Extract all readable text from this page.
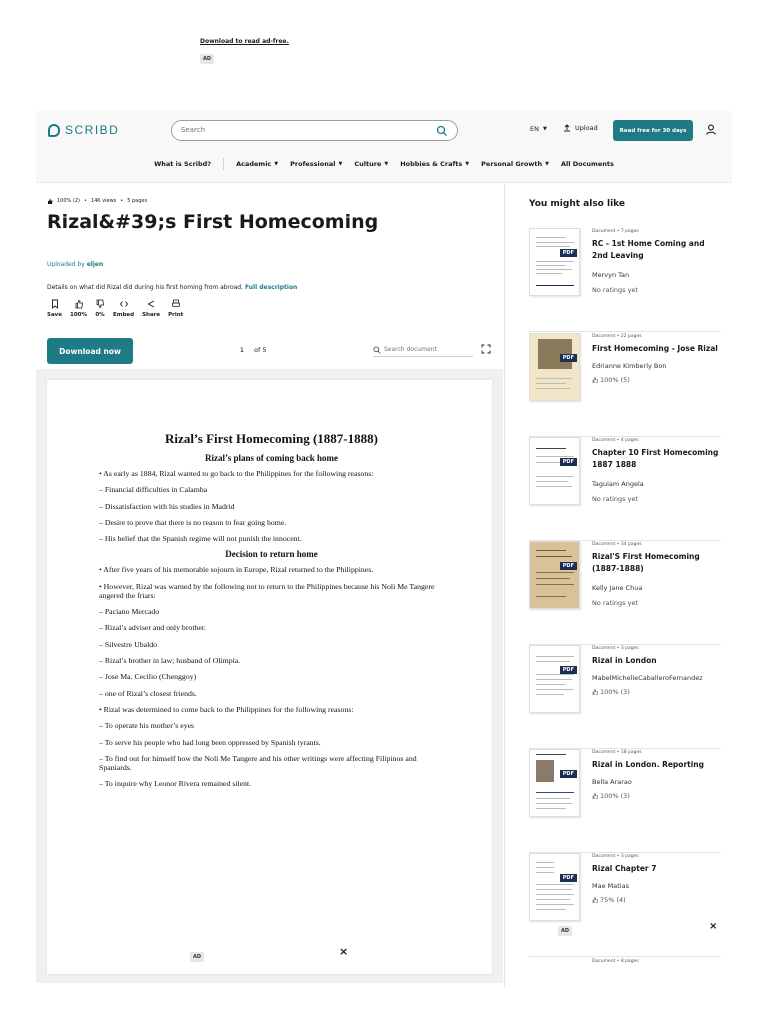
Download to read ad-free.
AD
SCRIBD
Search	EN ▼	Upload	Read free for 30 days
What is Scribd?	Academic ▼ Professional ▼ Culture ▼ Hobbies & Crafts ▼ Personal Growth ▼ All Documents
100% (2) • 14K views • 5 pages
Rizal&#39;s First Homecoming
Uploaded by eljen
Details on what did Rizal did during his first homing from abroad. Full description
Save 100% 0% Embed Share Print
Download now
1	of 5
Search document
Rizal’s First Homecoming (1887-1888)
Rizal’s plans of coming back home
• As early as 1884, Rizal wanted to go back to the Philippines for the following reasons:
– Financial difficulties in Calamba
– Dissatisfaction with his studies in Madrid
– Desire to prove that there is no reason to fear going home.
– His belief that the Spanish regime will not punish the innocent.
Decision to return home
• After five years of his memorable sojourn in Europe, Rizal returned to the Philippines.
• However, Rizal was warned by the following not to return to the Philippines because his Noli Me Tangere angered the friars:
– Paciano Mercado
– Rizal’s adviser and only brother.
– Silvestre Ubaldo
– Rizal’s brother in law; husband of Olimpia.
– Jose Ma. Cecilio (Chenggoy)
– one of Rizal’s closest friends.
• Rizal was determined to come back to the Philippines for the following reasons:
– To operate his mother’s eyes
– To serve his people who had long been oppressed by Spanish tyrants.
– To find out for himself how the Noli Me Tangere and his other writings were affecting Filipinos and Spaniards.
– To inquire why Leonor Rivera remained silent.
AD	×
You might also like
PDF
Document • 7 pages
RC - 1st Home Coming and 2nd Leaving
Mervyn Tan
No ratings yet
PDF
Document • 22 pages
First Homecoming - Jose Rizal
Edrianne Kimberly Bon
100% (5)
PDF
Document • 4 pages
Chapter 10 First Homecoming 1887 1888
Taguiam Angela
No ratings yet
PDF
Document • 34 pages
Rizal'S First Homecoming (1887-1888)
Kelly Jane Chua
No ratings yet
PDF
Document • 3 pages
Rizal in London
MabelMichelleCaballeroFernandez
100% (3)
PDF
Document • 18 pages
Rizal in London. Reporting
Bella Ararao
100% (3)
PDF
Document • 3 pages
Rizal Chapter 7
Mae Matias
75% (4)
AD	×
Document • 8 pages
